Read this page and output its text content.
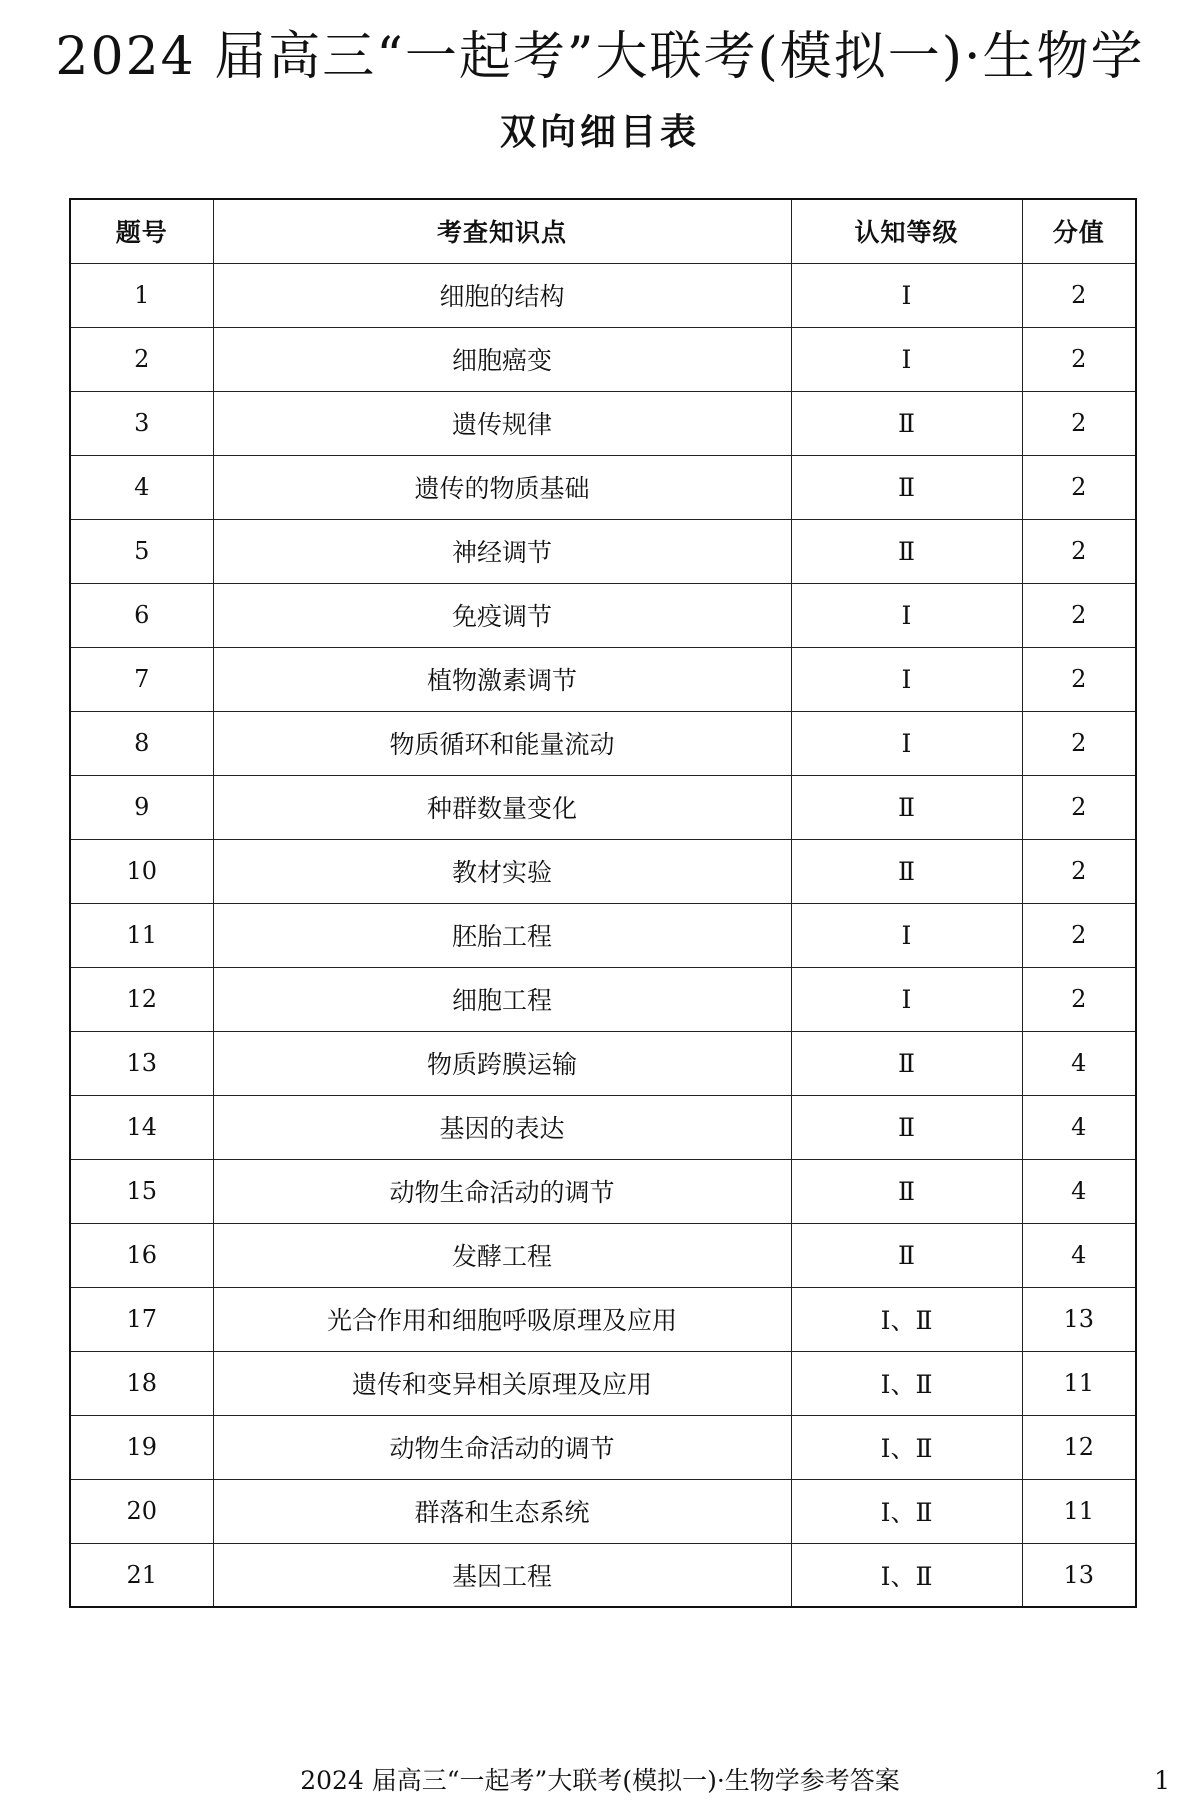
2024 届高三“一起考”大联考(模拟一)·生物学
双向细目表
题号	考查知识点	认知等级	分值
1	细胞的结构	Ⅰ	2
2	细胞癌变	Ⅰ	2
3	遗传规律	Ⅱ	2
4	遗传的物质基础	Ⅱ	2
5	神经调节	Ⅱ	2
6	免疫调节	Ⅰ	2
7	植物激素调节	Ⅰ	2
8	物质循环和能量流动	Ⅰ	2
9	种群数量变化	Ⅱ	2
10	教材实验	Ⅱ	2
11	胚胎工程	Ⅰ	2
12	细胞工程	Ⅰ	2
13	物质跨膜运输	Ⅱ	4
14	基因的表达	Ⅱ	4
15	动物生命活动的调节	Ⅱ	4
16	发酵工程	Ⅱ	4
17	光合作用和细胞呼吸原理及应用	Ⅰ、Ⅱ	13
18	遗传和变异相关原理及应用	Ⅰ、Ⅱ	11
19	动物生命活动的调节	Ⅰ、Ⅱ	12
20	群落和生态系统	Ⅰ、Ⅱ	11
21	基因工程	Ⅰ、Ⅱ	13
2024 届高三“一起考”大联考(模拟一)·生物学参考答案	1
